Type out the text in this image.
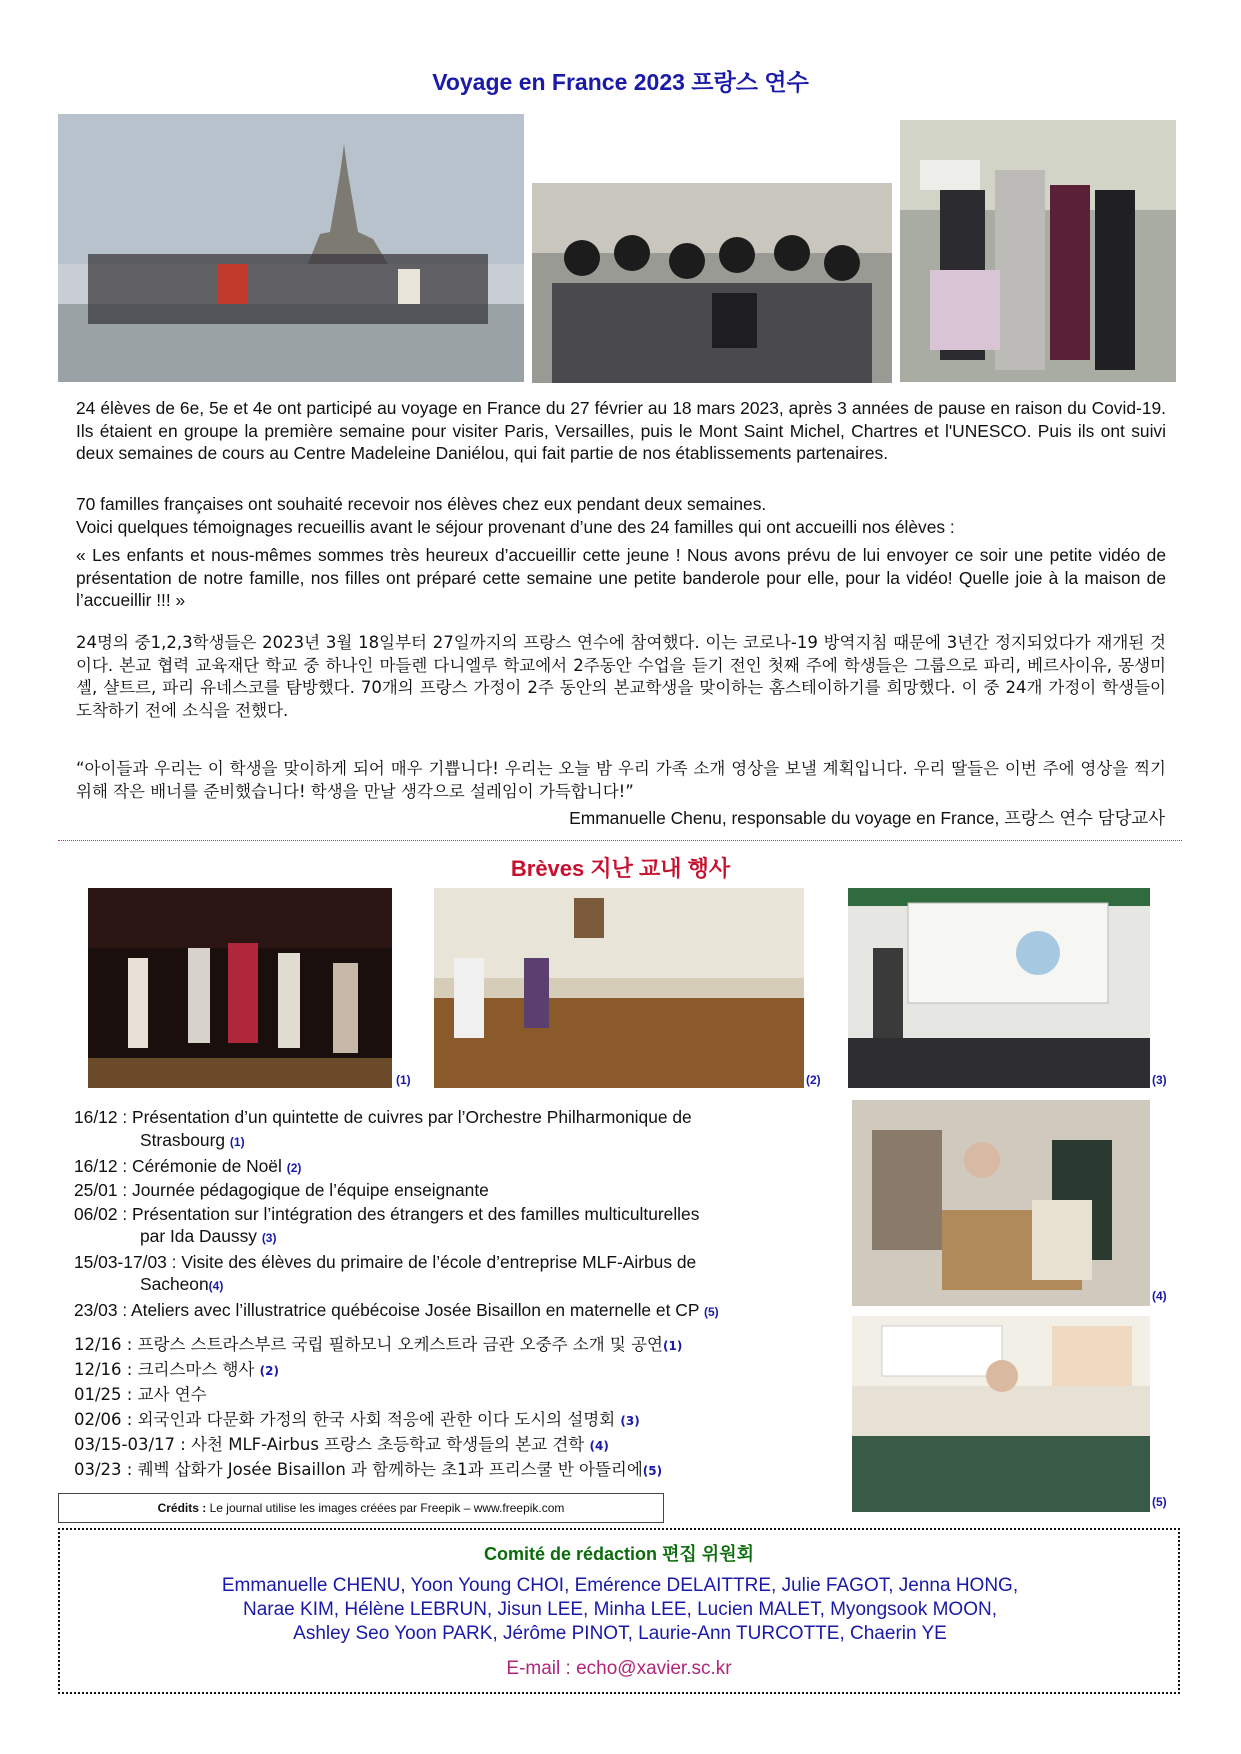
Voyage en France 2023 프랑스 연수

24 élèves de 6e, 5e et 4e ont participé au voyage en France du 27 février au 18 mars 2023, après 3 années de pause en raison du Covid-19. Ils étaient en groupe la première semaine pour visiter Paris, Versailles, puis le Mont Saint Michel, Chartres et l'UNESCO. Puis ils ont suivi deux semaines de cours au Centre Madeleine Daniélou, qui fait partie de nos établissements partenaires.

70 familles françaises ont souhaité recevoir nos élèves chez eux pendant deux semaines.

Voici quelques témoignages recueillis avant le séjour provenant d’une des 24 familles qui ont accueilli nos élèves :

« Les enfants et nous-mêmes sommes très heureux d’accueillir cette jeune ! Nous avons prévu de lui envoyer ce soir une petite vidéo de présentation de notre famille, nos filles ont préparé cette semaine une petite banderole pour elle, pour la vidéo! Quelle joie à la maison de l’accueillir !!! »

24명의 중1,2,3학생들은 2023년 3월 18일부터 27일까지의 프랑스 연수에 참여했다. 이는 코로나-19 방역지침 때문에 3년간 정지되었다가 재개된 것이다. 본교 협력 교육재단 학교 중 하나인 마들렌 다니엘루 학교에서 2주동안 수업을 듣기 전인 첫째 주에 학생들은 그룹으로 파리, 베르사이유, 몽생미셸, 샬트르, 파리 유네스코를 탐방했다. 70개의 프랑스 가정이 2주 동안의 본교학생을 맞이하는 홈스테이하기를 희망했다. 이 중 24개 가정이 학생들이 도착하기 전에 소식을 전했다.

“아이들과 우리는 이 학생을 맞이하게 되어 매우 기쁩니다! 우리는 오늘 밤 우리 가족 소개 영상을 보낼 계획입니다. 우리 딸들은 이번 주에 영상을 찍기 위해 작은 배너를 준비했습니다! 학생을 만날 생각으로 설레임이 가득합니다!”

Emmanuelle Chenu, responsable du voyage en France, 프랑스 연수 담당교사
Brèves 지난 교내 행사
(1)	(2)	(3)
(4)
(5)
16/12 : Présentation d’un quintette de cuivres par l’Orchestre Philharmonique de
Strasbourg (1)
16/12 : Cérémonie de Noël (2)
25/01 : Journée pédagogique de l’équipe enseignante
06/02 : Présentation sur l’intégration des étrangers et des familles multiculturelles
par Ida Daussy (3)
15/03-17/03 : Visite des élèves du primaire de l’école d’entreprise MLF-Airbus de
Sacheon(4)
23/03 : Ateliers avec l’illustratrice québécoise Josée Bisaillon en maternelle et CP (5)
12/16 : 프랑스 스트라스부르 국립 필하모니 오케스트라 금관 오중주 소개 및 공연(1)
12/16 : 크리스마스 행사 (2)
01/25 : 교사 연수
02/06 : 외국인과 다문화 가정의 한국 사회 적응에 관한 이다 도시의 설명회 (3)
03/15-03/17 : 사천 MLF-Airbus 프랑스 초등학교 학생들의 본교 견학 (4)
03/23 : 퀘벡 삽화가 Josée Bisaillon 과 함께하는 초1과 프리스쿨 반 아뜰리에(5)
Crédits : Le journal utilise les images créées par Freepik – www.freepik.com
Comité de rédaction 편집 위원회
Emmanuelle CHENU, Yoon Young CHOI, Emérence DELAITTRE, Julie FAGOT, Jenna HONG,
Narae KIM, Hélène LEBRUN, Jisun LEE, Minha LEE, Lucien MALET, Myongsook MOON,
Ashley Seo Yoon PARK, Jérôme PINOT, Laurie-Ann TURCOTTE, Chaerin YE
E-mail : echo@xavier.sc.kr
